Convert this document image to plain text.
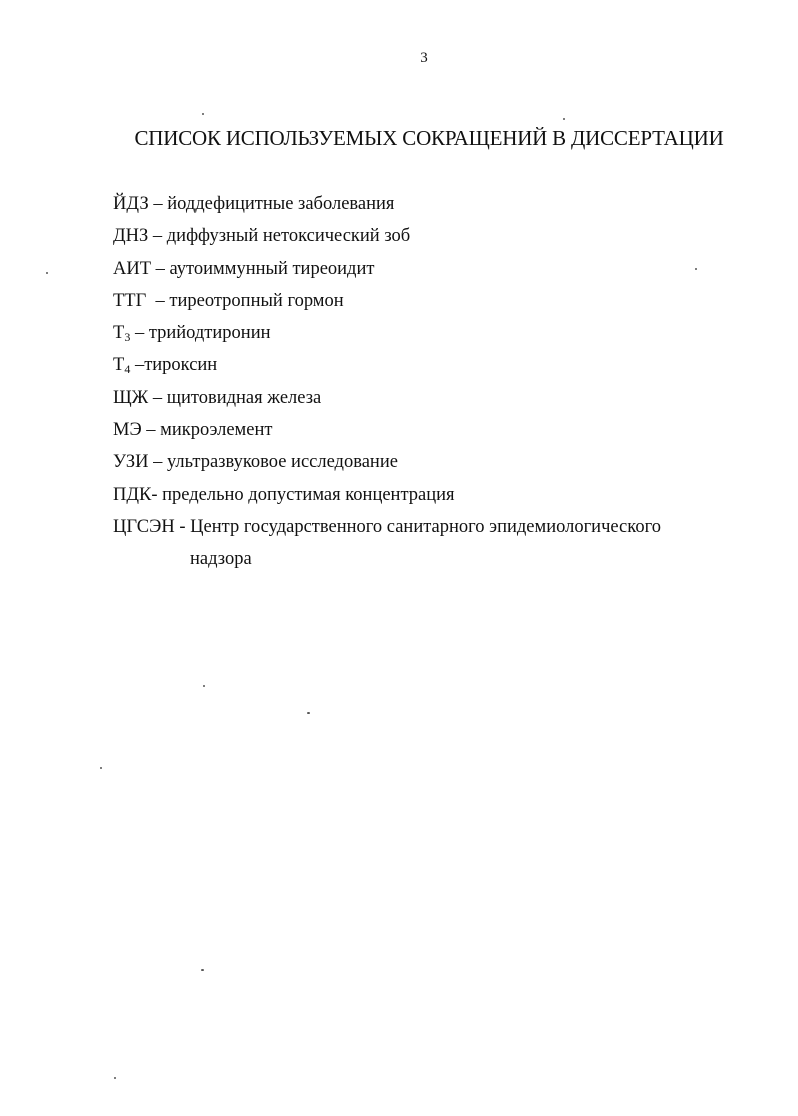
3
СПИСОК ИСПОЛЬЗУЕМЫХ СОКРАЩЕНИЙ В ДИССЕРТАЦИИ
ЙДЗ – йоддефицитные заболевания
ДНЗ – диффузный нетоксический зоб
АИТ – аутоиммунный тиреоидит
ТТГ  – тиреотропный гормон
$Т_3$ – трийодтиронин
$Т_4$ –тироксин
ЩЖ – щитовидная железа
МЭ – микроэлемент
УЗИ – ультразвуковое исследование
ПДК- предельно допустимая концентрация
ЦГСЭН - Центр государственного санитарного эпидемиологического
надзора
